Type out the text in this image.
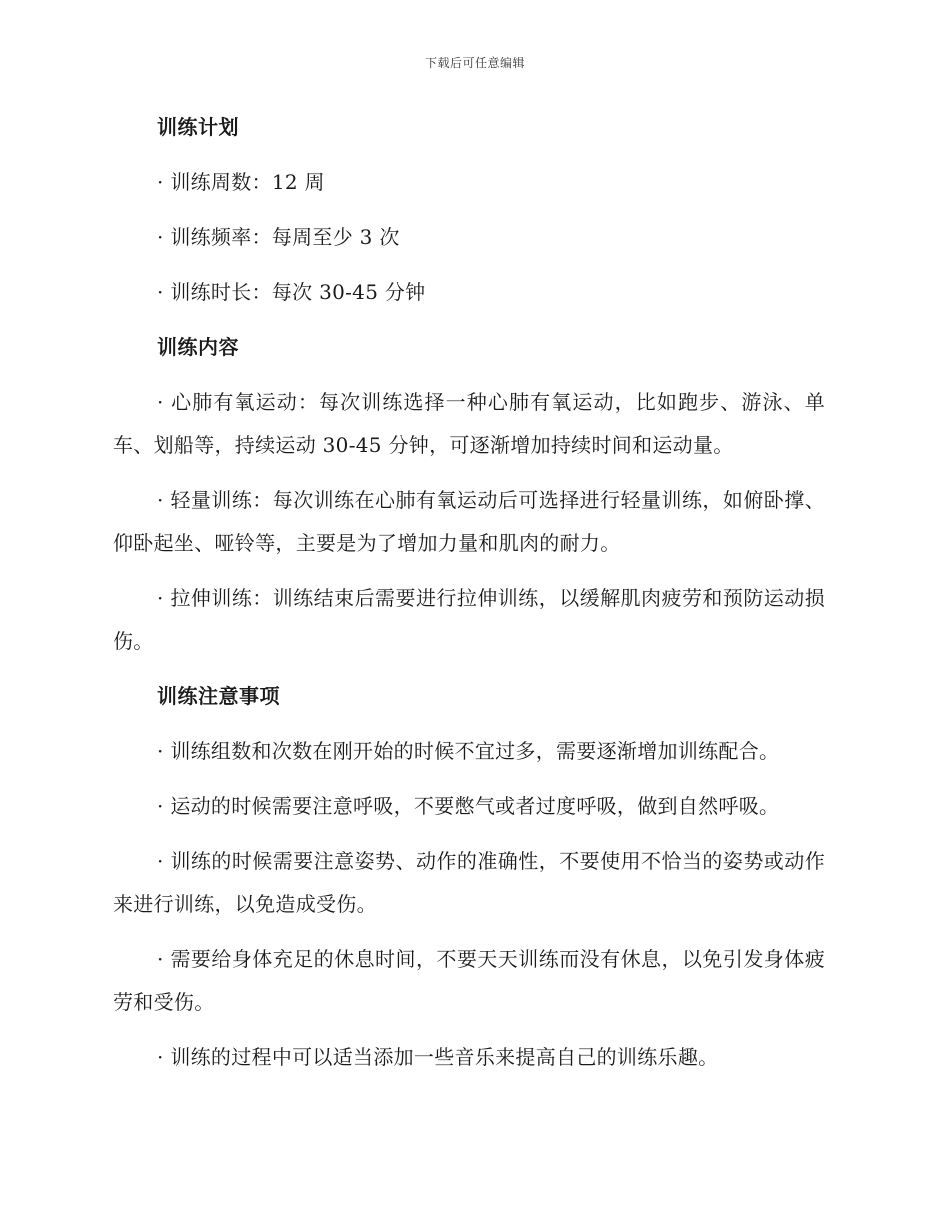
下载后可任意编辑
训练计划

· 训练周数：12 周

· 训练频率：每周至少 3 次

· 训练时长：每次 30-45 分钟

训练内容

· 心肺有氧运动：每次训练选择一种心肺有氧运动，比如跑步、游泳、单车、划船等，持续运动 30-45 分钟，可逐渐增加持续时间和运动量。

· 轻量训练：每次训练在心肺有氧运动后可选择进行轻量训练，如俯卧撑、仰卧起坐、哑铃等，主要是为了增加力量和肌肉的耐力。

· 拉伸训练：训练结束后需要进行拉伸训练，以缓解肌肉疲劳和预防运动损伤。

训练注意事项

· 训练组数和次数在刚开始的时候不宜过多，需要逐渐增加训练配合。

· 运动的时候需要注意呼吸，不要憋气或者过度呼吸，做到自然呼吸。

· 训练的时候需要注意姿势、动作的准确性，不要使用不恰当的姿势或动作来进行训练，以免造成受伤。

· 需要给身体充足的休息时间，不要天天训练而没有休息，以免引发身体疲劳和受伤。

· 训练的过程中可以适当添加一些音乐来提高自己的训练乐趣。
